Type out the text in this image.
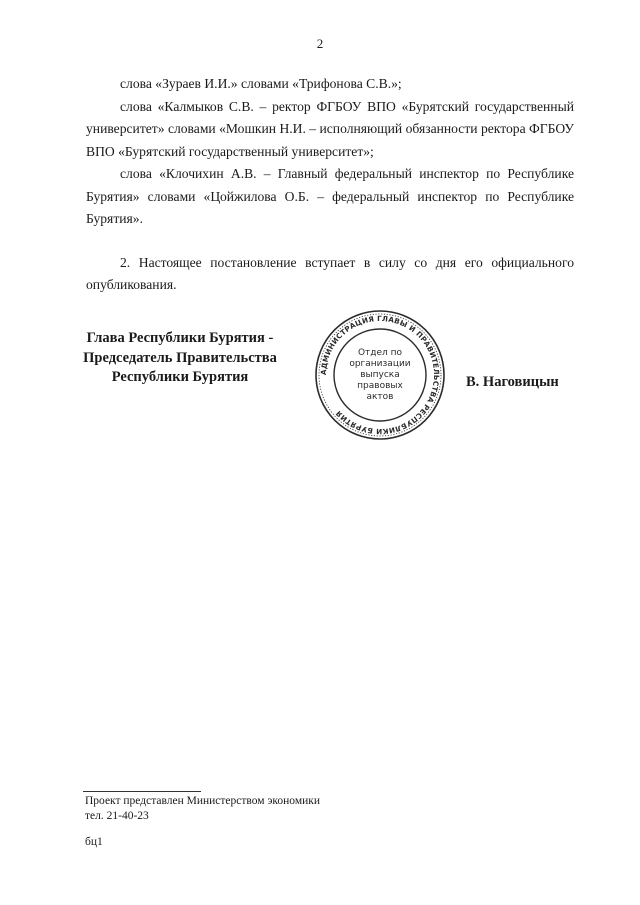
2

слова «Зураев И.И.» словами «Трифонова С.В.»;

слова «Калмыков С.В. – ректор ФГБОУ ВПО «Бурятский государственный университет» словами «Мошкин Н.И. – исполняющий обязанности ректора ФГБОУ ВПО «Бурятский государственный университет»;

слова «Клочихин А.В. – Главный федеральный инспектор по Республике Бурятия» словами «Цойжилова О.Б. – федеральный инспектор по Республике Бурятия».

2. Настоящее постановление вступает в силу со дня его официального опубликования.

Глава Республики Бурятия -
Председатель Правительства
Республики Бурятия	АДМИНИСТРАЦИЯ ГЛАВЫ И ПРАВИТЕЛЬСТВА РЕСПУБЛИКИ БУРЯТИЯ
Отдел по
организации
выпуска
правовых
актов
В. Наговицын
Проект представлен Министерством экономики
тел. 21-40-23
бц1
